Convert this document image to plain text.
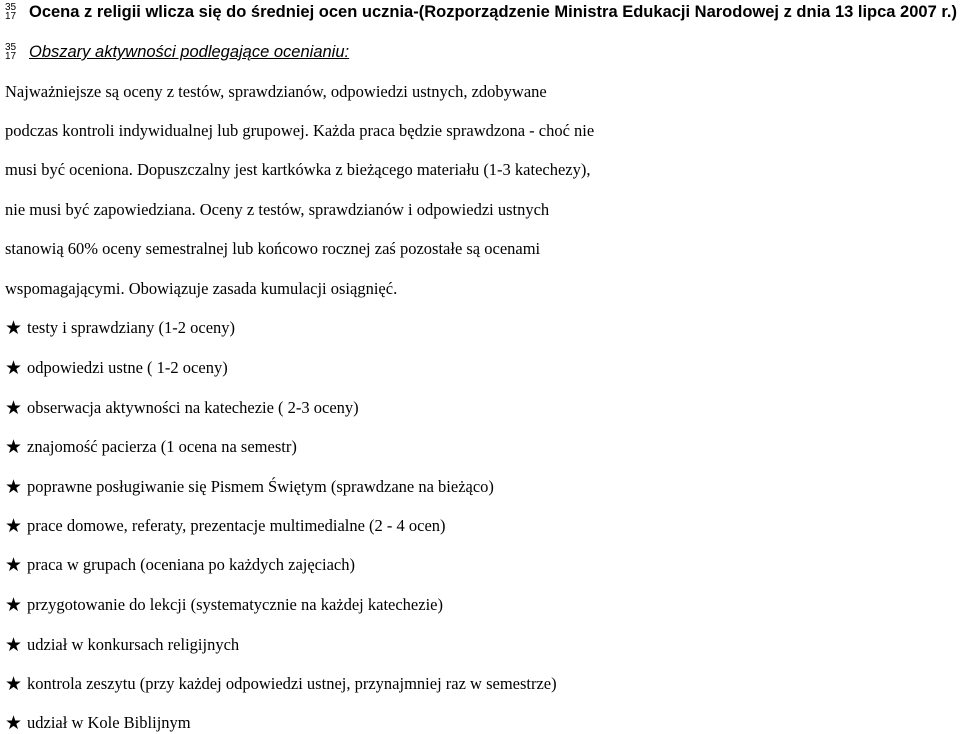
35
17 Ocena z religii wlicza się do średniej ocen ucznia-(Rozporządzenie Ministra Edukacji Narodowej z dnia 13 lipca 2007 r.)
35
17 Obszary aktywności podlegające ocenianiu:
Najważniejsze są oceny z testów, sprawdzianów, odpowiedzi ustnych, zdobywane
podczas kontroli indywidualnej lub grupowej. Każda praca będzie sprawdzona - choć nie
musi być oceniona. Dopuszczalny jest kartkówka z bieżącego materiału (1-3 katechezy),
nie musi być zapowiedziana. Oceny z testów, sprawdzianów i odpowiedzi ustnych
stanowią 60% oceny semestralnej lub końcowo rocznej zaś pozostałe są ocenami
wspomagającymi. Obowiązuje zasada kumulacji osiągnięć.
★ testy i sprawdziany (1-2 oceny)
★ odpowiedzi ustne ( 1-2 oceny)
★ obserwacja aktywności na katechezie ( 2-3 oceny)
★ znajomość pacierza (1 ocena na semestr)
★ poprawne posługiwanie się Pismem Świętym (sprawdzane na bieżąco)
★ prace domowe, referaty, prezentacje multimedialne (2 - 4 ocen)
★ praca w grupach (oceniana po każdych zajęciach)
★ przygotowanie do lekcji (systematycznie na każdej katechezie)
★ udział w konkursach religijnych
★ kontrola zeszytu (przy każdej odpowiedzi ustnej, przynajmniej raz w semestrze)
★ udział w Kole Biblijnym
